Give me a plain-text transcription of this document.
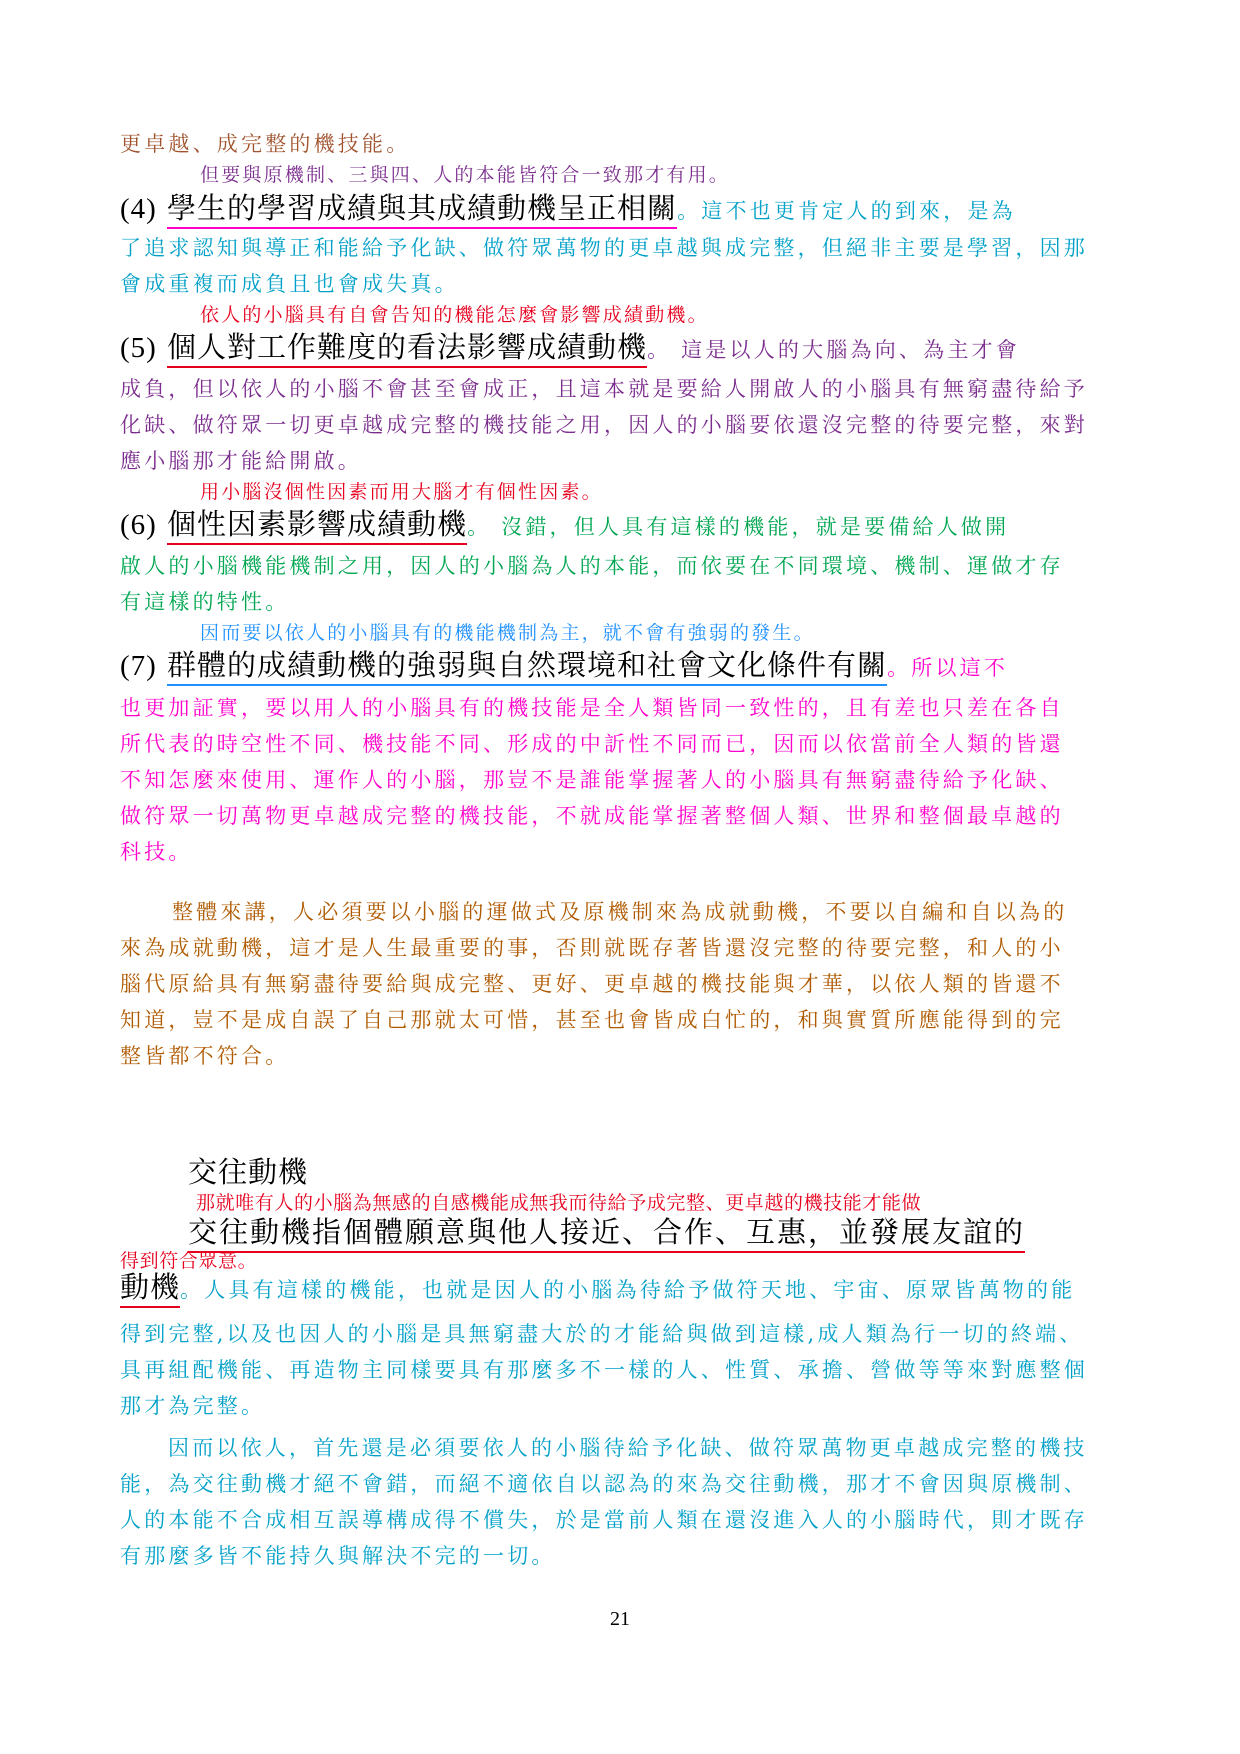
更卓越、成完整的機技能。

但要與原機制、三與四、人的本能皆符合一致那才有用。

(4) 學生的學習成績與其成績動機呈正相關。這不也更肯定人的到來，是為

了追求認知與導正和能給予化缺、做符眾萬物的更卓越與成完整，但絕非主要是學習，因那

會成重複而成負且也會成失真。

依人的小腦具有自會告知的機能怎麼會影響成績動機。

(5) 個人對工作難度的看法影響成績動機。 這是以人的大腦為向、為主才會

成負，但以依人的小腦不會甚至會成正，且這本就是要給人開啟人的小腦具有無窮盡待給予

化缺、做符眾一切更卓越成完整的機技能之用，因人的小腦要依還沒完整的待要完整，來對

應小腦那才能給開啟。

用小腦沒個性因素而用大腦才有個性因素。

(6) 個性因素影響成績動機。 沒錯，但人具有這樣的機能，就是要備給人做開

啟人的小腦機能機制之用，因人的小腦為人的本能，而依要在不同環境、機制、運做才存

有這樣的特性。

因而要以依人的小腦具有的機能機制為主，就不會有強弱的發生。

(7) 群體的成績動機的強弱與自然環境和社會文化條件有關。所以這不

也更加証實，要以用人的小腦具有的機技能是全人類皆同一致性的，且有差也只差在各自

所代表的時空性不同、機技能不同、形成的中訢性不同而已，因而以依當前全人類的皆還

不知怎麼來使用、運作人的小腦，那豈不是誰能掌握著人的小腦具有無窮盡待給予化缺、

做符眾一切萬物更卓越成完整的機技能，不就成能掌握著整個人類、世界和整個最卓越的

科技。

整體來講，人必須要以小腦的運做式及原機制來為成就動機，不要以自編和自以為的

來為成就動機，這才是人生最重要的事，否則就既存著皆還沒完整的待要完整，和人的小

腦代原給具有無窮盡待要給與成完整、更好、更卓越的機技能與才華，以依人類的皆還不

知道，豈不是成自誤了自己那就太可惜，甚至也會皆成白忙的，和與實質所應能得到的完

整皆都不符合。

交往動機

那就唯有人的小腦為無感的自感機能成無我而待給予成完整、更卓越的機技能才能做

交往動機指個體願意與他人接近、合作、互惠，並發展友誼的

得到符合眾意。

動機。人具有這樣的機能，也就是因人的小腦為待給予做符天地、宇宙、原眾皆萬物的能

得到完整,以及也因人的小腦是具無窮盡大於的才能給與做到這樣,成人類為行一切的終端、

具再組配機能、再造物主同樣要具有那麼多不一樣的人、性質、承擔、營做等等來對應整個

那才為完整。

因而以依人，首先還是必須要依人的小腦待給予化缺、做符眾萬物更卓越成完整的機技

能，為交往動機才絕不會錯，而絕不適依自以認為的來為交往動機，那才不會因與原機制、

人的本能不合成相互誤導構成得不償失，於是當前人類在還沒進入人的小腦時代，則才既存

有那麼多皆不能持久與解決不完的一切。

21
